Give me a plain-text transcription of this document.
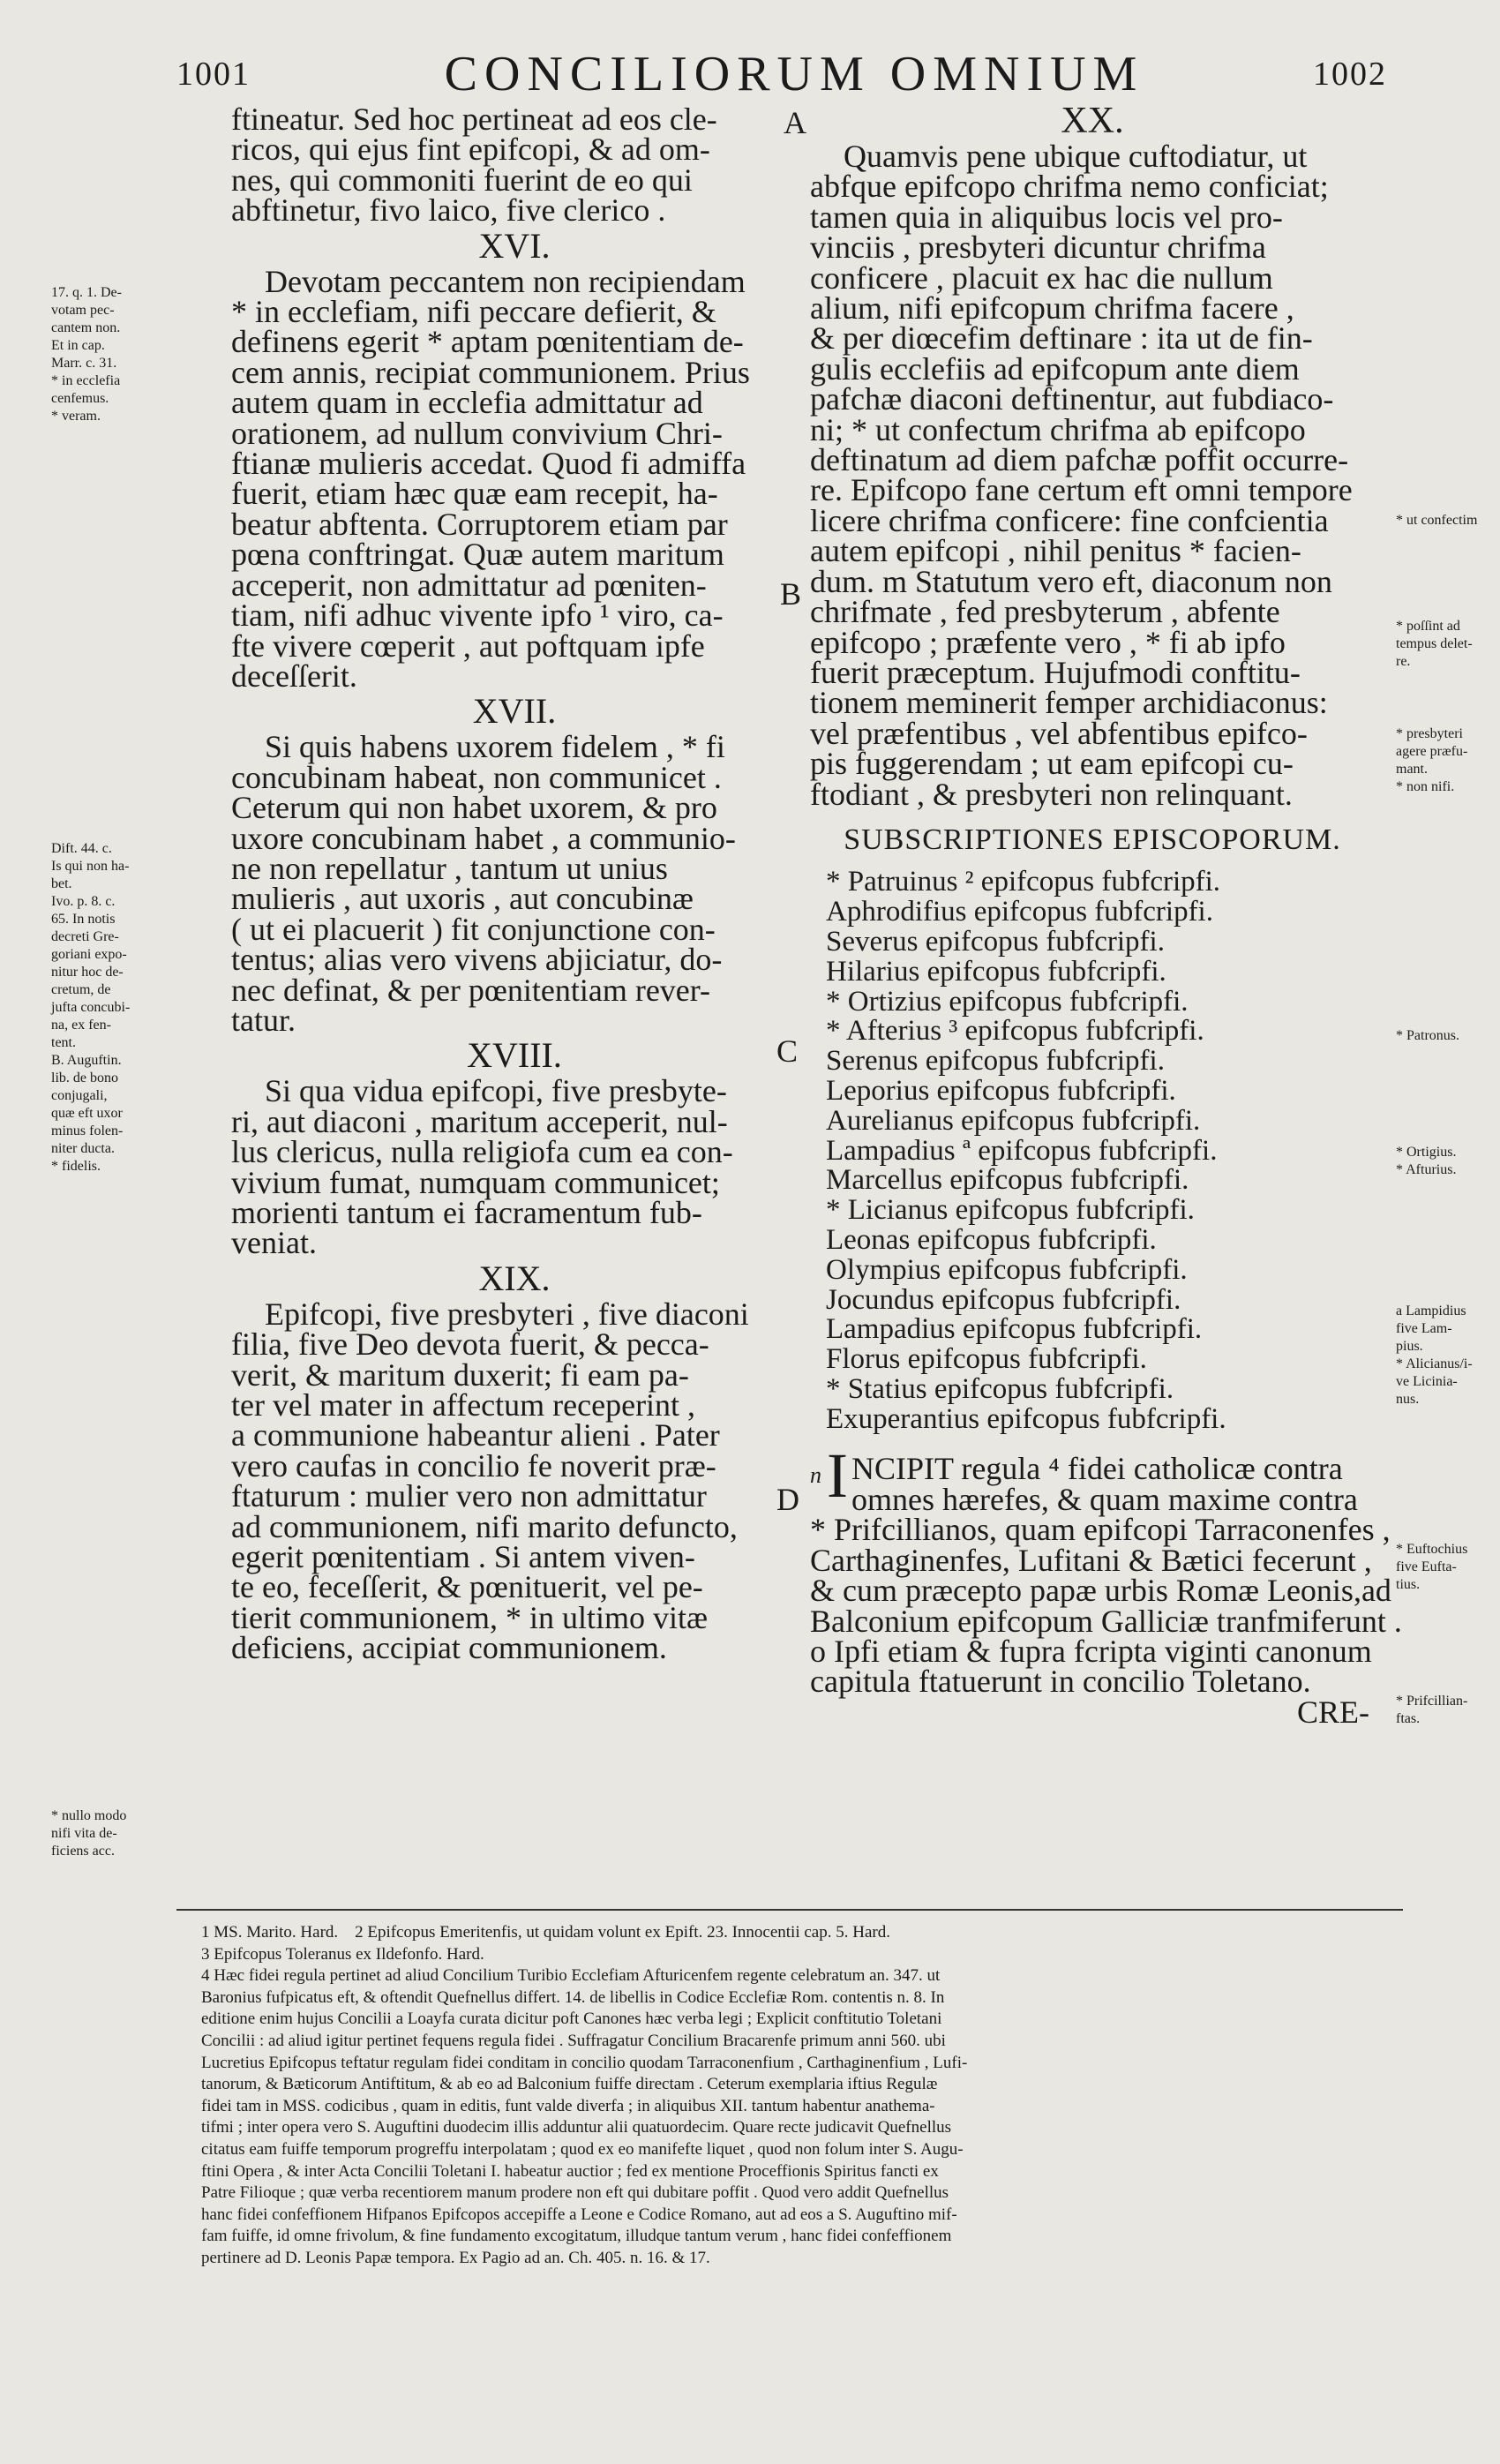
1001	CONCILIORUM OMNIUM	1002
ftineatur. Sed hoc pertineat ad eos cle-
ricos, qui ejus fint epifcopi, & ad om-
nes, qui commoniti fuerint de eo qui
abftinetur, fivo laico, five clerico .
XVI.
Devotam peccantem non recipiendam
* in ecclefiam, nifi peccare defierit, &
definens egerit * aptam pœnitentiam de-
cem annis, recipiat communionem. Prius
autem quam in ecclefia admittatur ad
orationem, ad nullum convivium Chri-
ftianæ mulieris accedat. Quod fi admiffa
fuerit, etiam hæc quæ eam recepit, ha-
beatur abftenta. Corruptorem etiam par
pœna conftringat. Quæ autem maritum
acceperit, non admittatur ad pœniten-
tiam, nifi adhuc vivente ipfo ¹ viro, ca-
fte vivere cœperit , aut poftquam ipfe
deceſſerit.
XVII.
Si quis habens uxorem fidelem , * fi
concubinam habeat, non communicet .
Ceterum qui non habet uxorem, & pro
uxore concubinam habet , a communio-
ne non repellatur , tantum ut unius
mulieris , aut uxoris , aut concubinæ
( ut ei placuerit ) fit conjunctione con-
tentus; alias vero vivens abjiciatur, do-
nec definat, & per pœnitentiam rever-
tatur.
XVIII.
Si qua vidua epifcopi, five presbyte-
ri, aut diaconi , maritum acceperit, nul-
lus clericus, nulla religiofa cum ea con-
vivium fumat, numquam communicet;
morienti tantum ei facramentum fub-
veniat.
XIX.
Epifcopi, five presbyteri , five diaconi
filia, five Deo devota fuerit, & pecca-
verit, & maritum duxerit; fi eam pa-
ter vel mater in affectum receperint ,
a communione habeantur alieni . Pater
vero caufas in concilio fe noverit præ-
ftaturum : mulier vero non admittatur
ad communionem, nifi marito defuncto,
egerit pœnitentiam . Si antem viven-
te eo, feceſſerit, & pœnituerit, vel pe-
tierit communionem, * in ultimo vitæ
deficiens, accipiat communionem.
XX.
Quamvis pene ubique cuftodiatur, ut
abfque epifcopo chrifma nemo conficiat;
tamen quia in aliquibus locis vel pro-
vinciis , presbyteri dicuntur chrifma
conficere , placuit ex hac die nullum
alium, nifi epifcopum chrifma facere ,
& per diœcefim deftinare : ita ut de fin-
gulis ecclefiis ad epifcopum ante diem
pafchæ diaconi deftinentur, aut fubdiaco-
ni; * ut confectum chrifma ab epifcopo
deftinatum ad diem pafchæ poffit occurre-
re. Epifcopo fane certum eft omni tempore
licere chrifma conficere: fine confcientia
autem epifcopi , nihil penitus * facien-
dum. m Statutum vero eft, diaconum non
chrifmate , fed presbyterum , abfente
epifcopo ; præfente vero , * fi ab ipfo
fuerit præceptum. Hujufmodi conftitu-
tionem meminerit femper archidiaconus:
vel præfentibus , vel abfentibus epifco-
pis fuggerendam ; ut eam epifcopi cu-
ftodiant , & presbyteri non relinquant.
SUBSCRIPTIONES EPISCOPORUM.
* Patruinus ² epifcopus fubfcripfi.
Aphrodifius epifcopus fubfcripfi.
Severus epifcopus fubfcripfi.
Hilarius epifcopus fubfcripfi.
* Ortizius epifcopus fubfcripfi.
* Afterius ³ epifcopus fubfcripfi.
Serenus epifcopus fubfcripfi.
Leporius epifcopus fubfcripfi.
Aurelianus epifcopus fubfcripfi.
Lampadius ª epifcopus fubfcripfi.
Marcellus epifcopus fubfcripfi.
* Licianus epifcopus fubfcripfi.
Leonas epifcopus fubfcripfi.
Olympius epifcopus fubfcripfi.
Jocundus epifcopus fubfcripfi.
Lampadius epifcopus fubfcripfi.
Florus epifcopus fubfcripfi.
* Statius epifcopus fubfcripfi.
Exuperantius epifcopus fubfcripfi.
n I NCIPIT regula ⁴ fidei catholicæ contra
omnes hærefes, & quam maxime contra
* Prifcillianos, quam epifcopi Tarraconenfes ,
Carthaginenfes, Lufitani & Bætici fecerunt ,
& cum præcepto papæ urbis Romæ Leonis,ad
Balconium epifcopum Galliciæ tranfmiferunt .
o Ipfi etiam & fupra fcripta viginti canonum
capitula ftatuerunt in concilio Toletano.
CRE-
A
B
C
D
17. q. 1. De-
votam pec-
cantem non.
Et in cap.
Marr. c. 31.
* in ecclefia
cenfemus.
* veram.
Dift. 44. c.
Is qui non ha-
bet.
Ivo. p. 8. c.
65. In notis
decreti Gre-
goriani expo-
nitur hoc de-
cretum, de
jufta concubi-
na, ex fen-
tent.
B. Auguftin.
lib. de bono
conjugali,
quæ eft uxor
minus folen-
niter ducta.
* fidelis.
* nullo modo
nifi vita de-
ficiens acc.
* ut confectim
* poſſint ad
tempus delet-
re.
* presbyteri
agere præfu-
mant.
* non nifi.
* Patronus.
* Ortigius.
* Afturius.
a Lampidius
five Lam-
pius.
* Alicianus/i-
ve Licinia-
nus.
* Euftochius
five Eufta-
tius.
* Prifcillian-
ftas.
1 MS. Marito. Hard.    2 Epifcopus Emeritenfis, ut quidam volunt ex Epift. 23. Innocentii cap. 5. Hard.
3 Epifcopus Toleranus ex Ildefonfo. Hard.
4 Hæc fidei regula pertinet ad aliud Concilium Turibio Ecclefiam Afturicenfem regente celebratum an. 347. ut
Baronius fufpicatus eft, & oftendit Quefnellus differt. 14. de libellis in Codice Ecclefiæ Rom. contentis n. 8. In
editione enim hujus Concilii a Loayfa curata dicitur poft Canones hæc verba legi ; Explicit conftitutio Toletani
Concilii : ad aliud igitur pertinet fequens regula fidei . Suffragatur Concilium Bracarenfe primum anni 560. ubi
Lucretius Epifcopus teftatur regulam fidei conditam in concilio quodam Tarraconenfium , Carthaginenfium , Lufi-
tanorum, & Bæticorum Antiftitum, & ab eo ad Balconium fuiffe directam . Ceterum exemplaria iftius Regulæ
fidei tam in MSS. codicibus , quam in editis, funt valde diverfa ; in aliquibus XII. tantum habentur anathema-
tifmi ; inter opera vero S. Auguftini duodecim illis adduntur alii quatuordecim. Quare recte judicavit Quefnellus
citatus eam fuiffe temporum progreffu interpolatam ; quod ex eo manifefte liquet , quod non folum inter S. Augu-
ftini Opera , & inter Acta Concilii Toletani I. habeatur auctior ; fed ex mentione Proceffionis Spiritus fancti ex
Patre Filioque ; quæ verba recentiorem manum prodere non eft qui dubitare poffit . Quod vero addit Quefnellus
hanc fidei confeffionem Hifpanos Epifcopos accepiffe a Leone e Codice Romano, aut ad eos a S. Auguftino mif-
fam fuiffe, id omne frivolum, & fine fundamento excogitatum, illudque tantum verum , hanc fidei confeffionem
pertinere ad D. Leonis Papæ tempora. Ex Pagio ad an. Ch. 405. n. 16. & 17.
